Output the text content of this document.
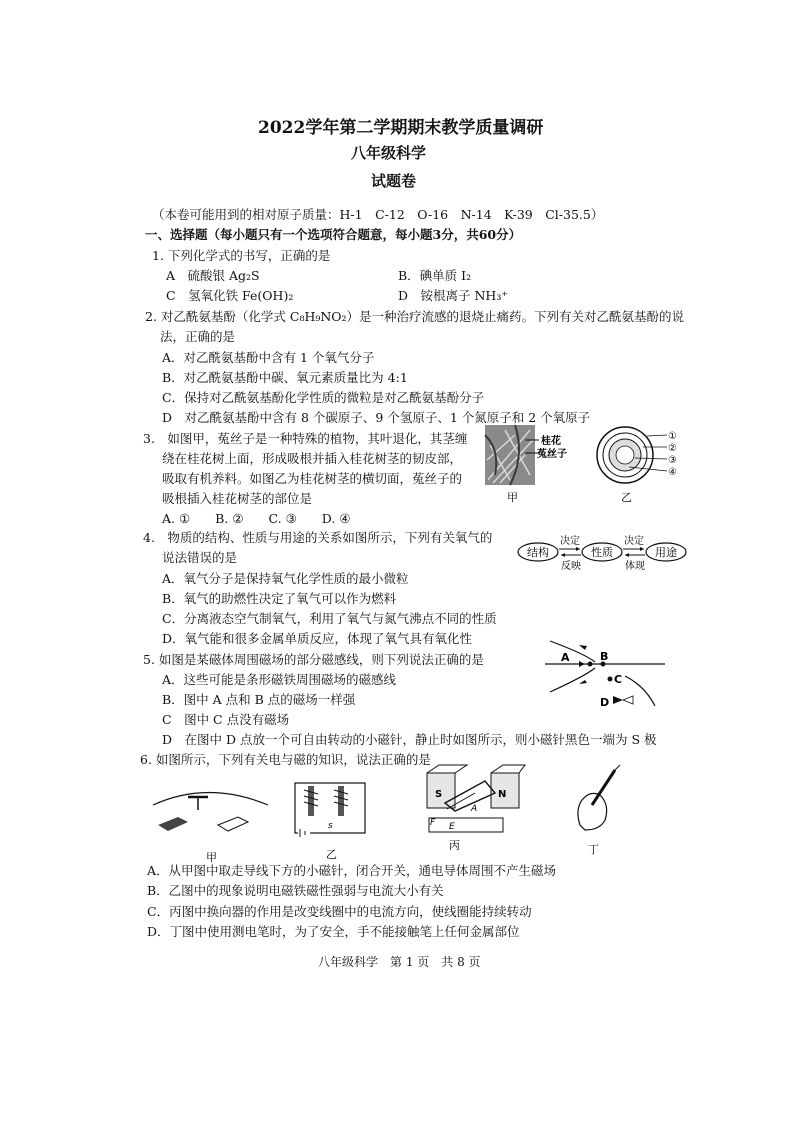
2022学年第二学期期末教学质量调研
八年级科学
试题卷
（本卷可能用到的相对原子质量：H-1　C-12　O-16　N-14　K-39　Cl-35.5）
一、选择题（每小题只有一个选项符合题意，每小题3分，共60分）
1. 下列化学式的书写，正确的是
A　硫酸银 Ag₂S	B．碘单质 I₂
C　氢氧化铁 Fe(OH)₂	D　铵根离子 NH₃⁺
2. 对乙酰氨基酚（化学式 C₈H₉NO₂）是一种治疗流感的退烧止痛药。下列有关对乙酰氨基酚的说
法，正确的是
A．对乙酰氨基酚中含有 1 个氧气分子
B．对乙酰氨基酚中碳、氧元素质量比为 4:1
C．保持对乙酰氨基酚化学性质的微粒是对乙酰氨基酚分子
D　对乙酰氨基酚中含有 8 个碳原子、9 个氢原子、1 个氮原子和 2 个氧原子
3.　如图甲，菟丝子是一种特殊的植物，其叶退化，其茎缠
绕在桂花树上面，形成吸根并插入桂花树茎的韧皮部，
吸取有机养料。如图乙为桂花树茎的横切面，菟丝子的
吸根插入桂花树茎的部位是
A. ①　　B. ②　　C. ③　　D. ④
桂花
菟丝子
甲
①
②
③
④
乙
4.　物质的结构、性质与用途的关系如图所示，下列有关氧气的
说法错误的是
A．氧气分子是保持氧气化学性质的最小微粒
B．氧气的助燃性决定了氧气可以作为燃料
C．分离液态空气制氧气，利用了氧气与氮气沸点不同的性质
D．氧气能和很多金属单质反应，体现了氧气具有氧化性
结构	性质	用途
决定
反映
决定
体现
5. 如图是某磁体周围磁场的部分磁感线，则下列说法正确的是
A．这些可能是条形磁铁周围磁场的磁感线
B．图中 A 点和 B 点的磁场一样强
C　图中 C 点没有磁场
D　在图中 D 点放一个可自由转动的小磁针，静止时如图所示，则小磁针黑色一端为 S 极
A	B
C
D
6. 如图所示，下列有关电与磁的知识，说法正确的是
甲
s
乙
S	N
A
F E
丙	丁
A．从甲图中取走导线下方的小磁针，闭合开关，通电导体周围不产生磁场
B．乙图中的现象说明电磁铁磁性强弱与电流大小有关
C．丙图中换向器的作用是改变线圈中的电流方向，使线圈能持续转动
D．丁图中使用测电笔时，为了安全，手不能接触笔上任何金属部位
八年级科学　第 1 页　共 8 页
